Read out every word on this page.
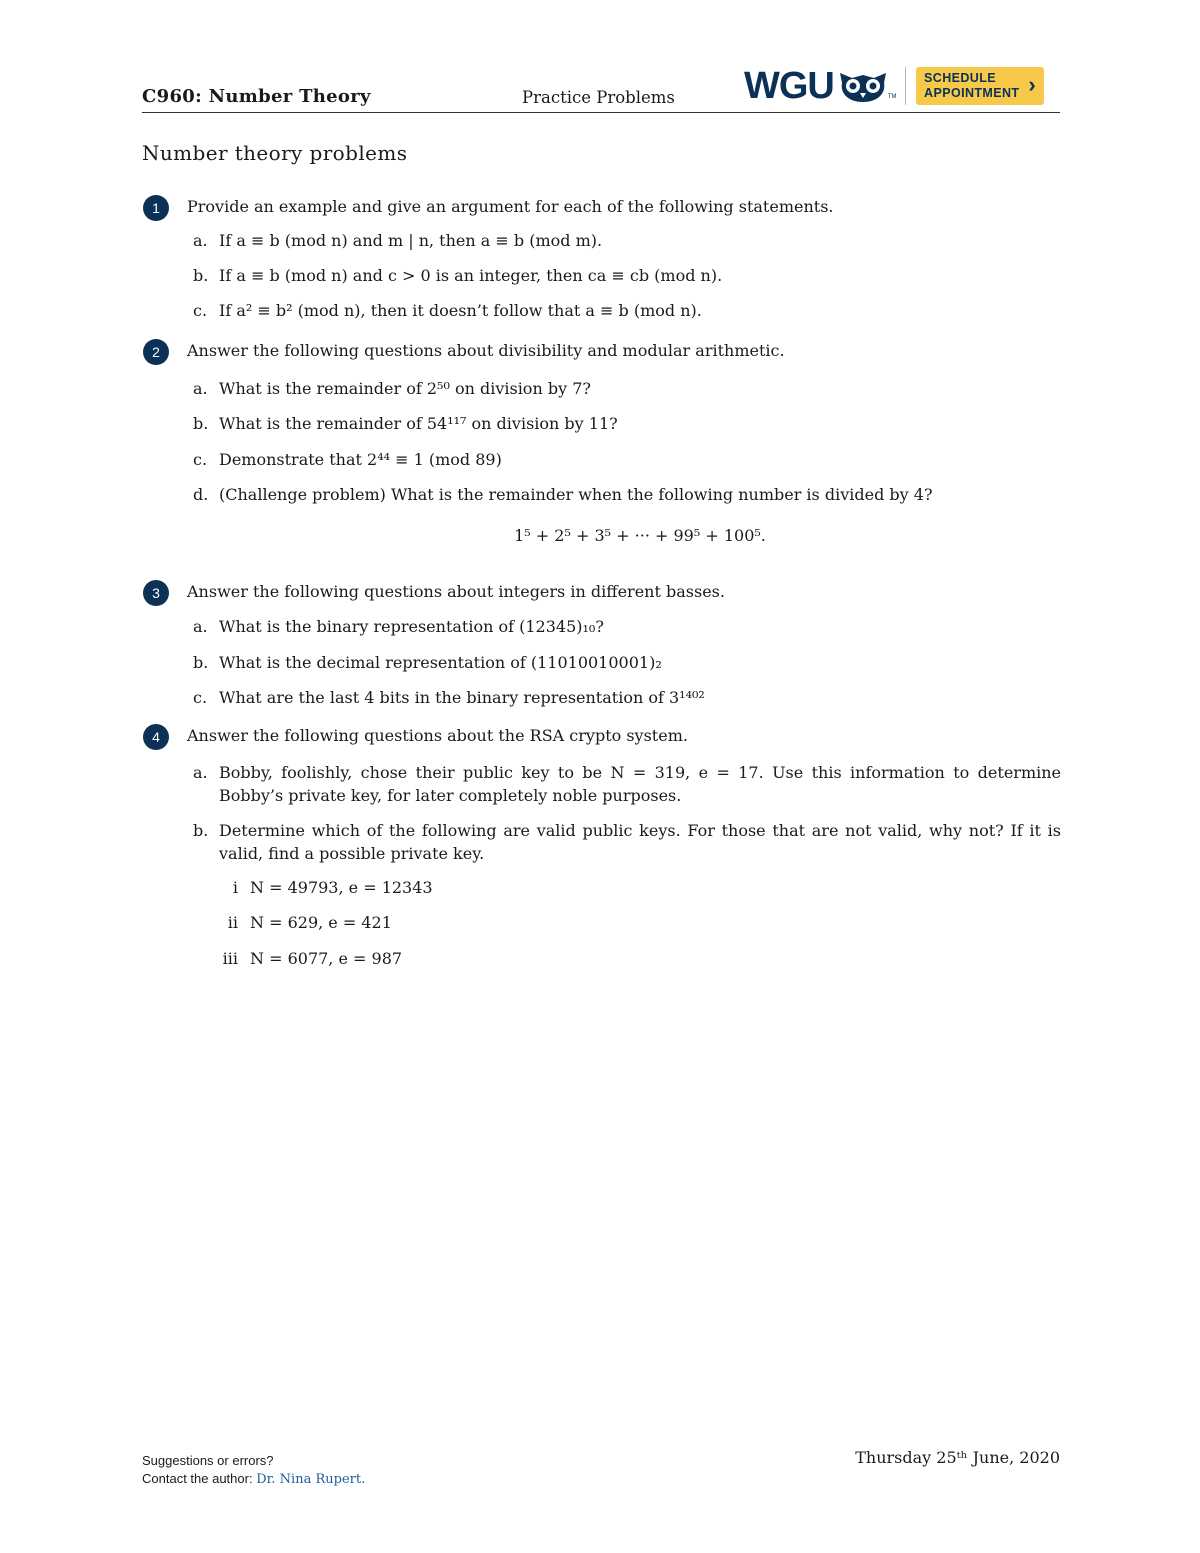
C960: Number Theory	Practice Problems WGU	TM
SCHEDULE
APPOINTMENT ›
Number theory problems
1	Provide an example and give an argument for each of the following statements.
a. If a ≡ b (mod n) and m | n, then a ≡ b (mod m).
b. If a ≡ b (mod n) and c > 0 is an integer, then ca ≡ cb (mod n).
c. If a² ≡ b² (mod n), then it doesn’t follow that a ≡ b (mod n).
2	Answer the following questions about divisibility and modular arithmetic.
a. What is the remainder of 2⁵⁰ on division by 7?
b. What is the remainder of 54¹¹⁷ on division by 11?
c. Demonstrate that 2⁴⁴ ≡ 1 (mod 89)
d. (Challenge problem) What is the remainder when the following number is divided by 4?
1⁵ + 2⁵ + 3⁵ + ··· + 99⁵ + 100⁵.
3	Answer the following questions about integers in different basses.
a. What is the binary representation of (12345)₁₀?
b. What is the decimal representation of (11010010001)₂
c. What are the last 4 bits in the binary representation of 3¹⁴⁰²
4	Answer the following questions about the RSA crypto system.
a. Bobby, foolishly, chose their public key to be N = 319, e = 17. Use this information to determine Bobby’s private key, for later completely noble purposes.
b. Determine which of the following are valid public keys. For those that are not valid, why not? If it is valid, find a possible private key.
i N = 49793, e = 12343
ii N = 629, e = 421
iii N = 6077, e = 987
Suggestions or errors?
Contact the author: Dr. Nina Rupert.
Thursday 25ᵗʰ June, 2020
